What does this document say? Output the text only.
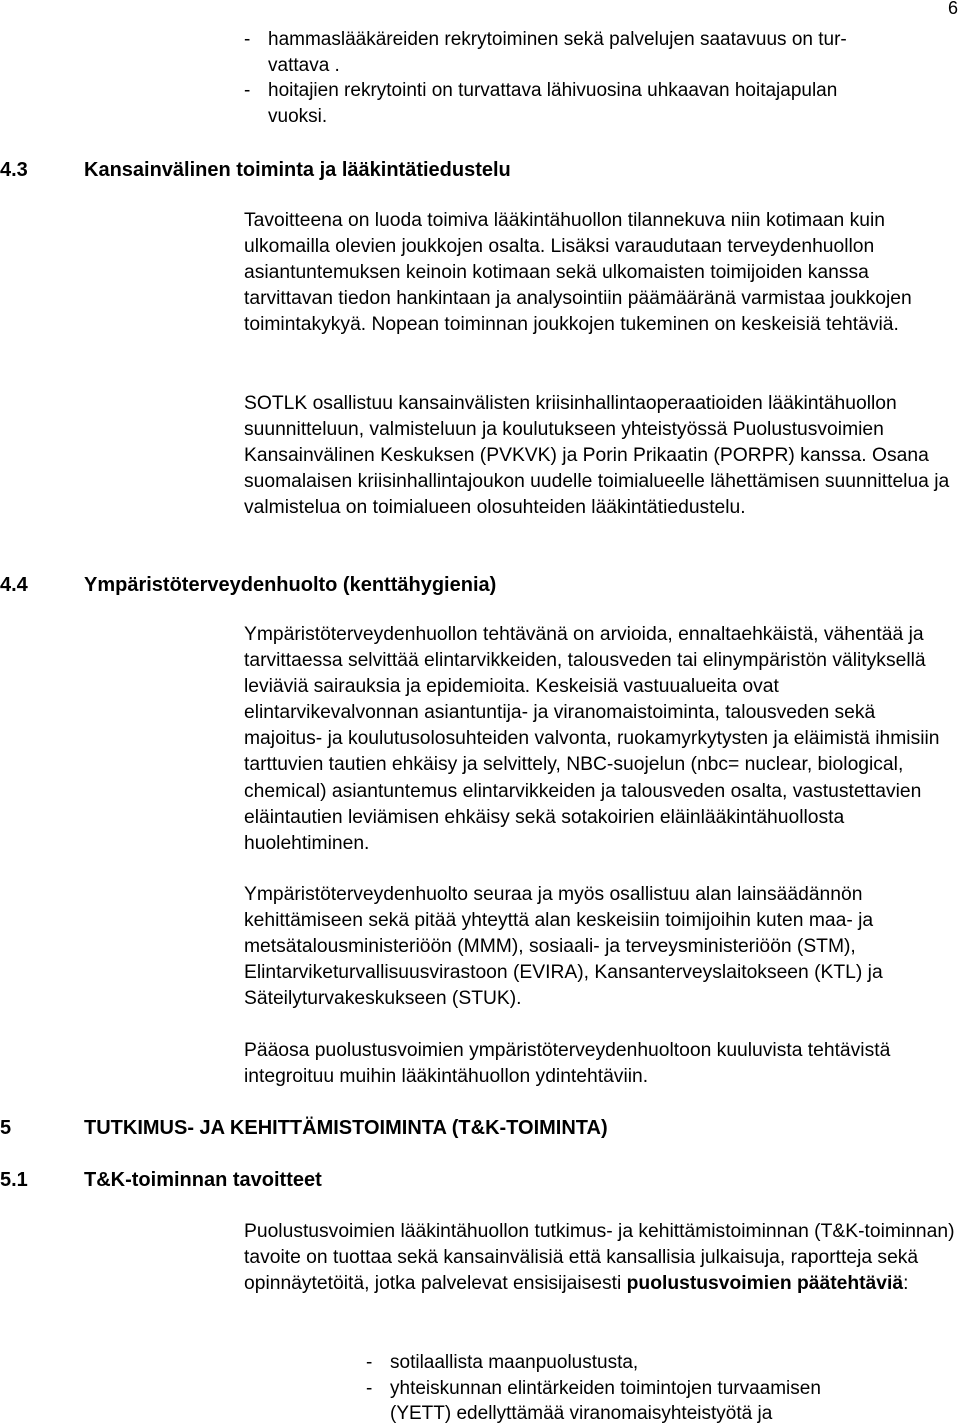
6
- hammaslääkäreiden rekrytoiminen sekä palvelujen saatavuus on tur-
vattava .
- hoitajien rekrytointi on turvattava lähivuosina uhkaavan hoitajapulan
vuoksi.
4.3	Kansainvälinen toiminta ja lääkintätiedustelu
Tavoitteena on luoda toimiva lääkintähuollon tilannekuva niin kotimaan kuin ulkomailla olevien joukkojen osalta. Lisäksi varaudutaan terveydenhuollon asiantuntemuksen keinoin kotimaan sekä ulkomaisten toimijoiden kanssa tarvittavan tiedon hankintaan ja analysointiin päämääränä varmistaa joukkojen toimintakykyä. Nopean toiminnan joukkojen tukeminen on keskeisiä tehtäviä.
SOTLK osallistuu kansainvälisten kriisinhallintaoperaatioiden lääkintähuollon suunnitteluun, valmisteluun ja koulutukseen yhteistyössä Puolustusvoimien Kansainvälinen Keskuksen (PVKVK) ja Porin Prikaatin (PORPR) kanssa. Osana suomalaisen kriisinhallintajoukon uudelle toimialueelle lähettämisen suunnittelua ja valmistelua on toimialueen olosuhteiden lääkintätiedustelu.
4.4	Ympäristöterveydenhuolto (kenttähygienia)
Ympäristöterveydenhuollon tehtävänä on arvioida, ennaltaehkäistä, vähentää ja tarvittaessa selvittää elintarvikkeiden, talousveden tai elinympäristön välityksellä leviäviä sairauksia ja epidemioita. Keskeisiä vastuualueita ovat elintarvikevalvonnan asiantuntija- ja viranomaistoiminta, talousveden sekä majoitus- ja koulutusolosuhteiden valvonta, ruokamyrkytysten ja eläimistä ihmisiin tarttuvien tautien ehkäisy ja selvittely, NBC-suojelun (nbc= nuclear, biological, chemical) asiantuntemus elintarvikkeiden ja talousveden osalta, vastustettavien eläintautien leviämisen ehkäisy sekä sotakoirien eläinlääkintähuollosta huolehtiminen.
Ympäristöterveydenhuolto seuraa ja myös osallistuu alan lainsäädännön kehittämiseen sekä pitää yhteyttä alan keskeisiin toimijoihin kuten maa- ja metsätalousministeriöön (MMM), sosiaali- ja terveysministeriöön (STM), Elintarviketurvallisuusvirastoon (EVIRA), Kansanterveyslaitokseen (KTL) ja Säteilyturvakeskukseen (STUK).
Pääosa puolustusvoimien ympäristöterveydenhuoltoon kuuluvista tehtävistä integroituu muihin lääkintähuollon ydintehtäviin.
5	TUTKIMUS- JA KEHITTÄMISTOIMINTA (T&K-TOIMINTA)
5.1	T&K-toiminnan tavoitteet
Puolustusvoimien lääkintähuollon tutkimus- ja kehittämistoiminnan (T&K-toiminnan) tavoite on tuottaa sekä kansainvälisiä että kansallisia julkaisuja, raportteja sekä opinnäytetöitä, jotka palvelevat ensisijaisesti puolustusvoimien päätehtäviä:
- sotilaallista maanpuolustusta,
- yhteiskunnan elintärkeiden toimintojen turvaamisen
(YETT) edellyttämää viranomaisyhteistyötä ja
